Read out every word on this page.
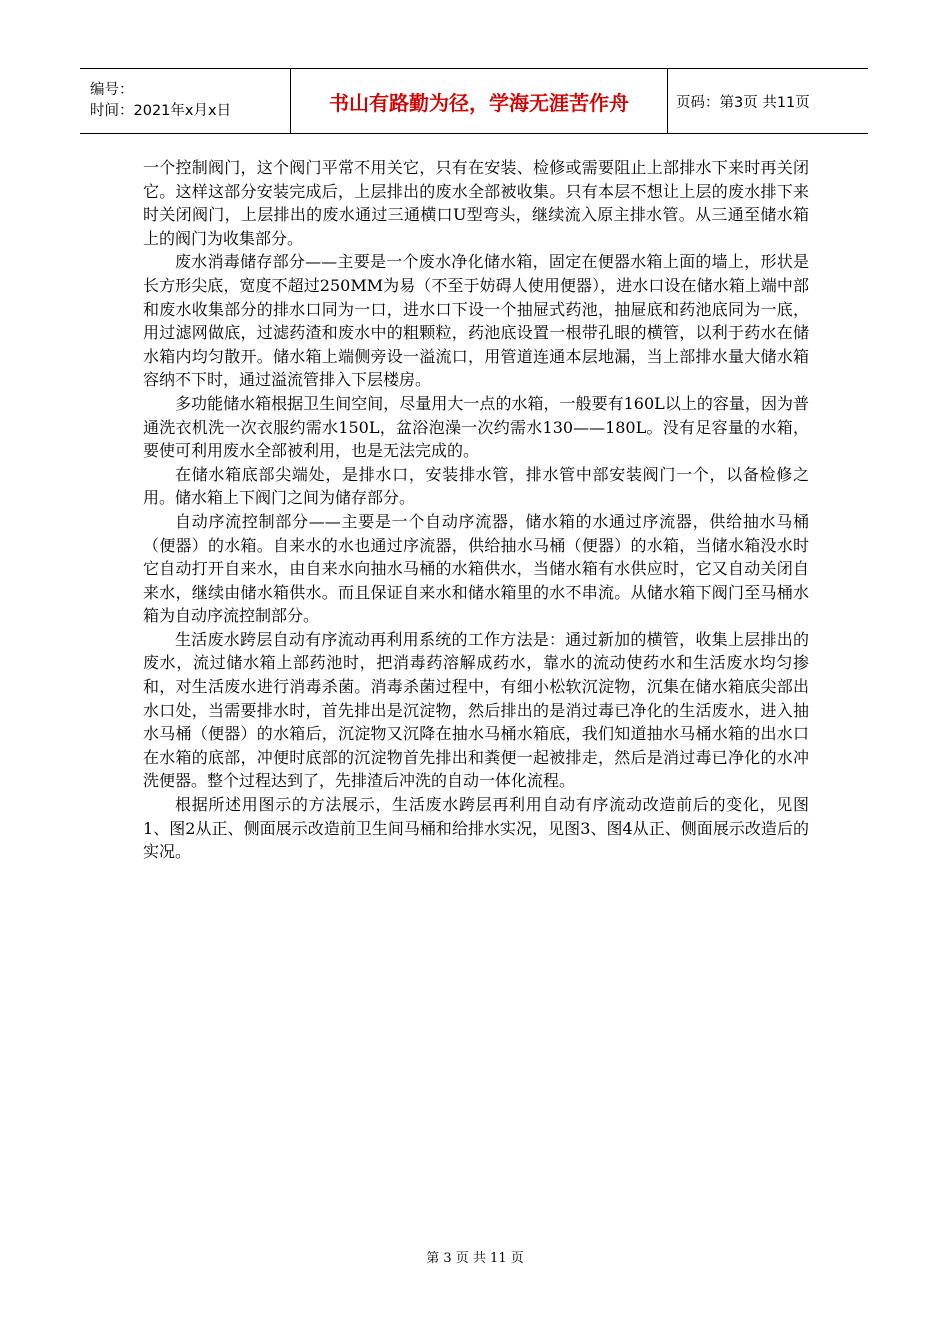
编号：
时间：2021年x月x日	书山有路勤为径，学海无涯苦作舟	页码：第3页 共11页

一个控制阀门，这个阀门平常不用关它，只有在安装、检修或需要阻止上部排水下来时再关闭它。这样这部分安装完成后，上层排出的废水全部被收集。只有本层不想让上层的废水排下来时关闭阀门，上层排出的废水通过三通横口U型弯头，继续流入原主排水管。从三通至储水箱上的阀门为收集部分。

废水消毒储存部分——主要是一个废水净化储水箱，固定在便器水箱上面的墙上，形状是长方形尖底，宽度不超过250MM为易（不至于妨碍人使用便器），进水口设在储水箱上端中部和废水收集部分的排水口同为一口，进水口下设一个抽屉式药池，抽屉底和药池底同为一底，用过滤网做底，过滤药渣和废水中的粗颗粒，药池底设置一根带孔眼的横管，以利于药水在储水箱内均匀散开。储水箱上端侧旁设一溢流口，用管道连通本层地漏，当上部排水量大储水箱容纳不下时，通过溢流管排入下层楼房。

多功能储水箱根据卫生间空间，尽量用大一点的水箱，一般要有160L以上的容量，因为普通洗衣机洗一次衣服约需水150L，盆浴泡澡一次约需水130——180L。没有足容量的水箱，要使可利用废水全部被利用，也是无法完成的。

在储水箱底部尖端处，是排水口，安装排水管，排水管中部安装阀门一个，以备检修之用。储水箱上下阀门之间为储存部分。

自动序流控制部分——主要是一个自动序流器，储水箱的水通过序流器，供给抽水马桶（便器）的水箱。自来水的水也通过序流器，供给抽水马桶（便器）的水箱，当储水箱没水时它自动打开自来水，由自来水向抽水马桶的水箱供水，当储水箱有水供应时，它又自动关闭自来水，继续由储水箱供水。而且保证自来水和储水箱里的水不串流。从储水箱下阀门至马桶水箱为自动序流控制部分。

生活废水跨层自动有序流动再利用系统的工作方法是：通过新加的横管，收集上层排出的废水，流过储水箱上部药池时，把消毒药溶解成药水，靠水的流动使药水和生活废水均匀掺和，对生活废水进行消毒杀菌。消毒杀菌过程中，有细小松软沉淀物，沉集在储水箱底尖部出水口处，当需要排水时，首先排出是沉淀物，然后排出的是消过毒已净化的生活废水，进入抽水马桶（便器）的水箱后，沉淀物又沉降在抽水马桶水箱底，我们知道抽水马桶水箱的出水口在水箱的底部，冲便时底部的沉淀物首先排出和粪便一起被排走，然后是消过毒已净化的水冲洗便器。整个过程达到了，先排渣后冲洗的自动一体化流程。

根据所述用图示的方法展示，生活废水跨层再利用自动有序流动改造前后的变化，见图1、图2从正、侧面展示改造前卫生间马桶和给排水实况，见图3、图4从正、侧面展示改造后的实况。

第 3 页 共 11 页
